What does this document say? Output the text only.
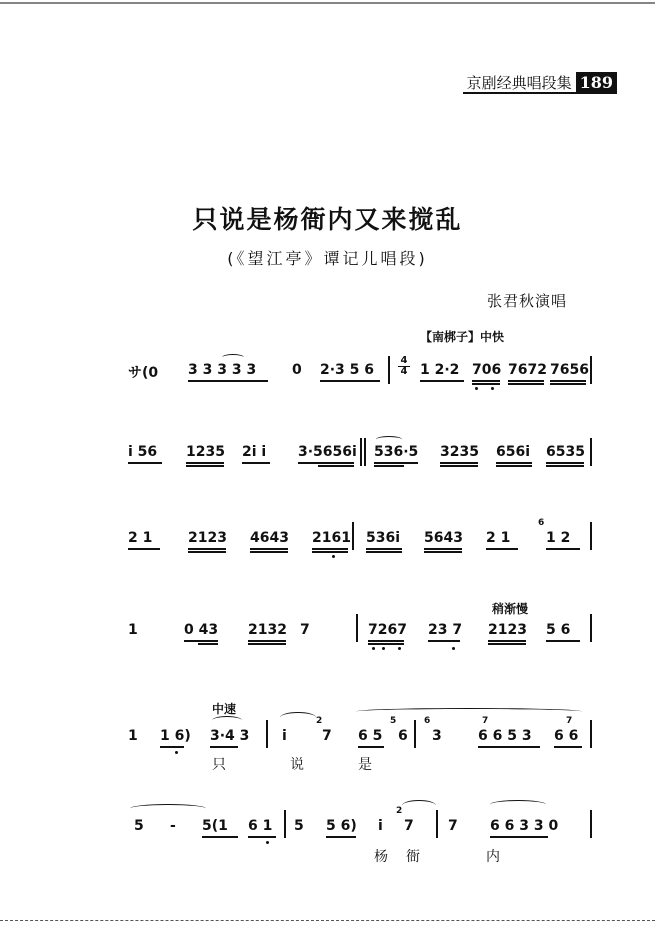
京剧经典唱段集 189
只说是杨衙内又来搅乱
(《望江亭》谭记儿唱段)
张君秋演唱
【南梆子】中快
サ(0 3 3 3 3 3	0 2·3 5 6
4
4 1 2·2 706 7672 7656
i 56 1235 2i i 3·5656i 536·5 3235 656i 6535
2 1	2123 4643 2161 536i 5643 2 1
6
1 2
稍渐慢
1	0 43 2132 7	7267 23 7 2123 5 6
中速
1 1 6) 3·4 3 i
2
7 6 5
5
6
6
3
7
6 6 5 3
7
6 6
只	说	是
5 - 5(1 6 1 5 5 6) i
2
7 7 6 6 3 3 0
杨 衙	内
